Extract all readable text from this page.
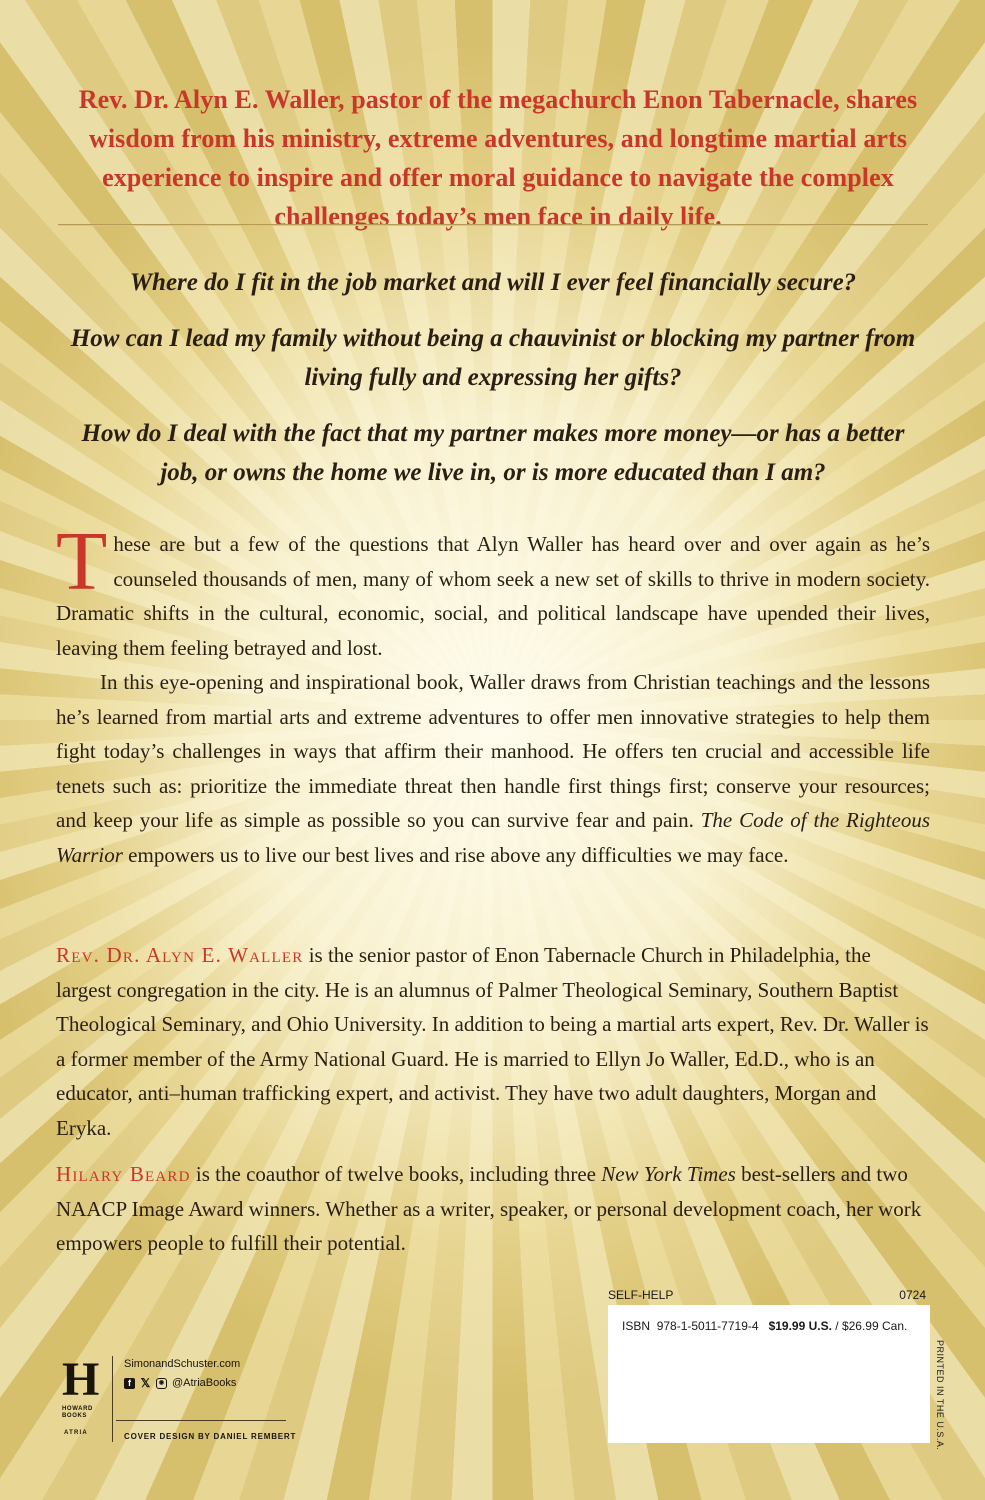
Rev. Dr. Alyn E. Waller, pastor of the megachurch Enon Tabernacle, shares wisdom from his ministry, extreme adventures, and longtime martial arts experience to inspire and offer moral guidance to navigate the complex challenges today’s men face in daily life.

Where do I fit in the job market and will I ever feel financially secure?

How can I lead my family without being a chauvinist or blocking my partner from living fully and expressing her gifts?

How do I deal with the fact that my partner makes more money—or has a better job, or owns the home we live in, or is more educated than I am?

These are but a few of the questions that Alyn Waller has heard over and over again as he’s counseled thousands of men, many of whom seek a new set of skills to thrive in modern society. Dramatic shifts in the cultural, economic, social, and political landscape have upended their lives, leaving them feeling betrayed and lost.

In this eye-opening and inspirational book, Waller draws from Christian teachings and the lessons he’s learned from martial arts and extreme adventures to offer men innovative strategies to help them fight today’s challenges in ways that affirm their manhood. He offers ten crucial and accessible life tenets such as: prioritize the immediate threat then handle first things first; conserve your resources; and keep your life as simple as possible so you can survive fear and pain. The Code of the Righteous Warrior empowers us to live our best lives and rise above any difficulties we may face.

Rev. Dr. Alyn E. Waller is the senior pastor of Enon Tabernacle Church in Philadelphia, the largest congregation in the city. He is an alumnus of Palmer Theological Seminary, Southern Baptist Theological Seminary, and Ohio University. In addition to being a martial arts expert, Rev. Dr. Waller is a former member of the Army National Guard. He is married to Ellyn Jo Waller, Ed.D., who is an educator, anti–human trafficking expert, and activist. They have two adult daughters, Morgan and Eryka.

Hilary Beard is the coauthor of twelve books, including three New York Times best-sellers and two NAACP Image Award winners. Whether as a writer, speaker, or personal development coach, her work empowers people to fulfill their potential.

SELF-HELP	0724
ISBN 978-1-5011-7719-4 $19.99 U.S. / $26.99 Can.
PRINTED IN THE U.S.A.
H
HOWARD BOOKS
ATRIA
SimonandSchuster.com
f 𝕏	◉ @AtriaBooks
COVER DESIGN BY DANIEL REMBERT
